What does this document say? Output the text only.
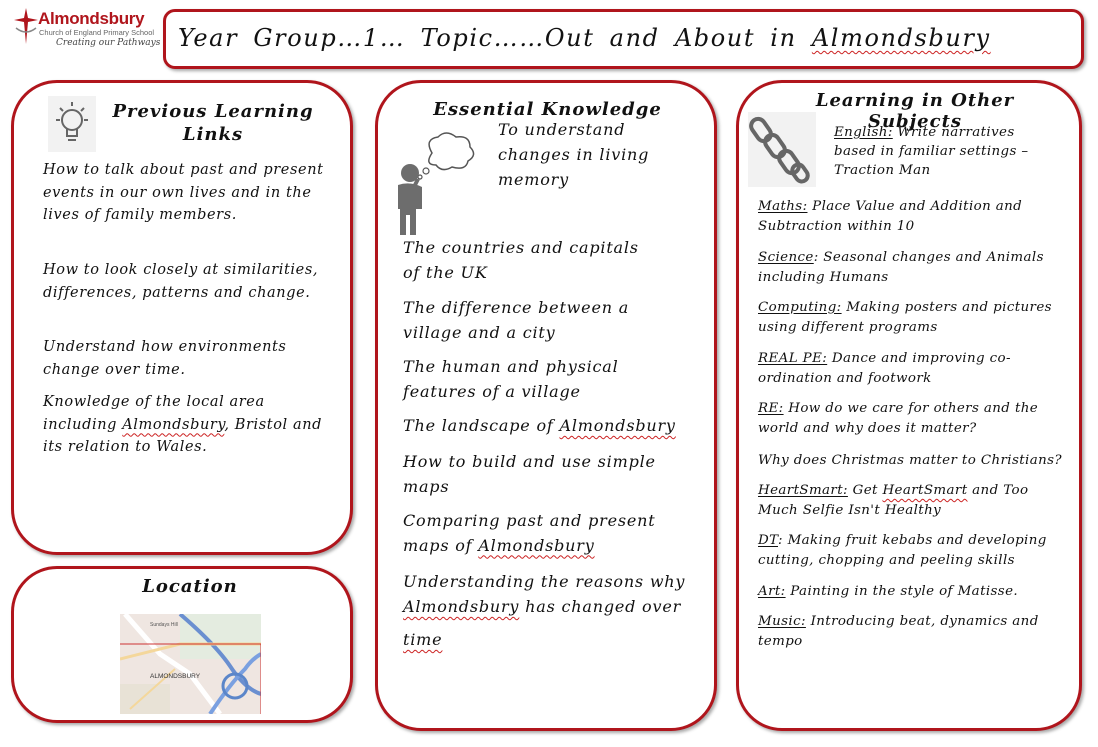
Almondsbury
Church of England Primary School
Creating our Pathways Year Group…1… Topic……Out and About in Almondsbury
Previous Learning Links
How to talk about past and present events in our own lives and in the lives of family members.
How to look closely at similarities, differences, patterns and change.
Understand how environments change over time.
Knowledge of the local area including Almondsbury, Bristol and its relation to Wales.
Location
ALMONDSBURY
Sundays Hill
Essential Knowledge
To understand changes in living memory
The countries and capitals of the UK
The difference between a village and a city
The human and physical features of a village
The landscape of Almondsbury
How to build and use simple maps
Comparing past and present maps of Almondsbury
Understanding the reasons why Almondsbury has changed over
time
Learning in Other Subjects
English: Write narratives based in familiar settings – Traction Man
Maths: Place Value and Addition and Subtraction within 10
Science: Seasonal changes and Animals including Humans
Computing: Making posters and pictures using different programs
REAL PE: Dance and improving co-ordination and footwork
RE: How do we care for others and the world and why does it matter?
Why does Christmas matter to Christians?
HeartSmart: Get HeartSmart and Too Much Selfie Isn't Healthy
DT: Making fruit kebabs and developing cutting, chopping and peeling skills
Art: Painting in the style of Matisse.
Music: Introducing beat, dynamics and tempo
